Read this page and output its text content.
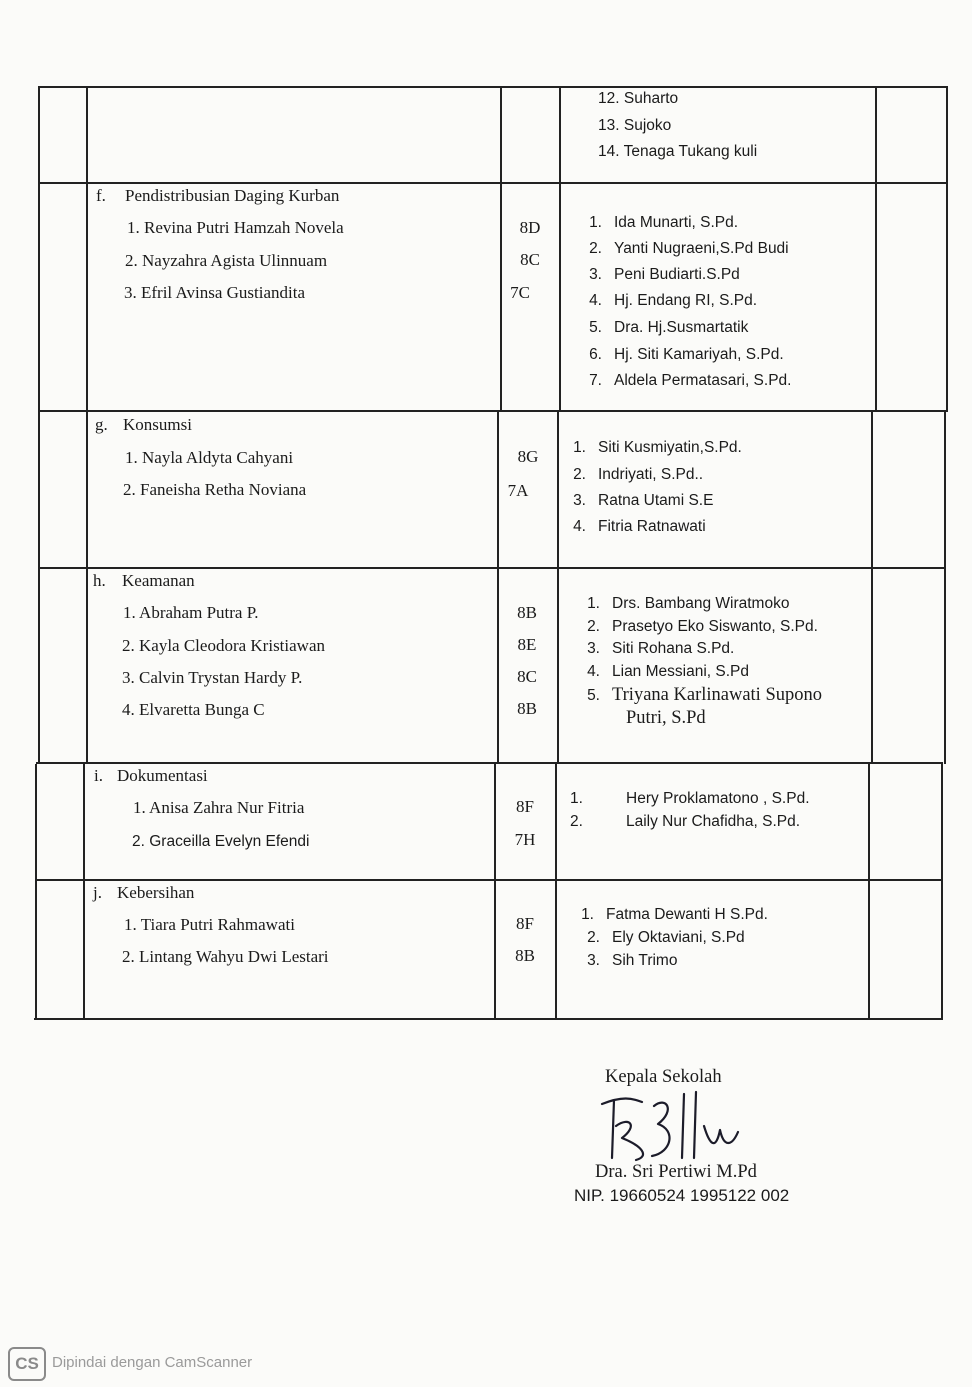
12. Suharto
13. Sujoko
14. Tenaga Tukang kuli
f. Pendistribusian Daging Kurban
1. Revina Putri Hamzah Novela	8D
2. Nayzahra Agista Ulinnuam	8C
3. Efril Avinsa Gustiandita	7C
1. Ida Munarti, S.Pd.
2. Yanti Nugraeni,S.Pd Budi
3. Peni Budiarti.S.Pd
4. Hj. Endang RI, S.Pd.
5. Dra. Hj.Susmartatik
6. Hj. Siti Kamariyah, S.Pd.
7. Aldela Permatasari, S.Pd.
g. Konsumsi
1. Nayla Aldyta Cahyani	8G
2. Faneisha Retha Noviana	7A
1. Siti Kusmiyatin,S.Pd.
2. Indriyati, S.Pd..
3. Ratna Utami S.E
4. Fitria Ratnawati
h. Keamanan
1. Abraham Putra P.	8B
2. Kayla Cleodora Kristiawan	8E
3. Calvin Trystan Hardy P.	8C
4. Elvaretta Bunga C	8B
1. Drs. Bambang Wiratmoko
2. Prasetyo Eko Siswanto, S.Pd.
3. Siti Rohana S.Pd.
4. Lian Messiani, S.Pd
5. Triyana Karlinawati Supono
Putri, S.Pd
i. Dokumentasi
1. Anisa Zahra Nur Fitria	8F
2. Graceilla Evelyn Efendi	7H
1.	Hery Proklamatono , S.Pd.
2.	Laily Nur Chafidha, S.Pd.
j. Kebersihan
1. Tiara Putri Rahmawati	8F
2. Lintang Wahyu Dwi Lestari	8B
1. Fatma Dewanti H S.Pd.
2. Ely Oktaviani, S.Pd
3. Sih Trimo
Kepala Sekolah
Dra. Sri Pertiwi M.Pd
NIP. 19660524 1995122 002
CS Dipindai dengan CamScanner
